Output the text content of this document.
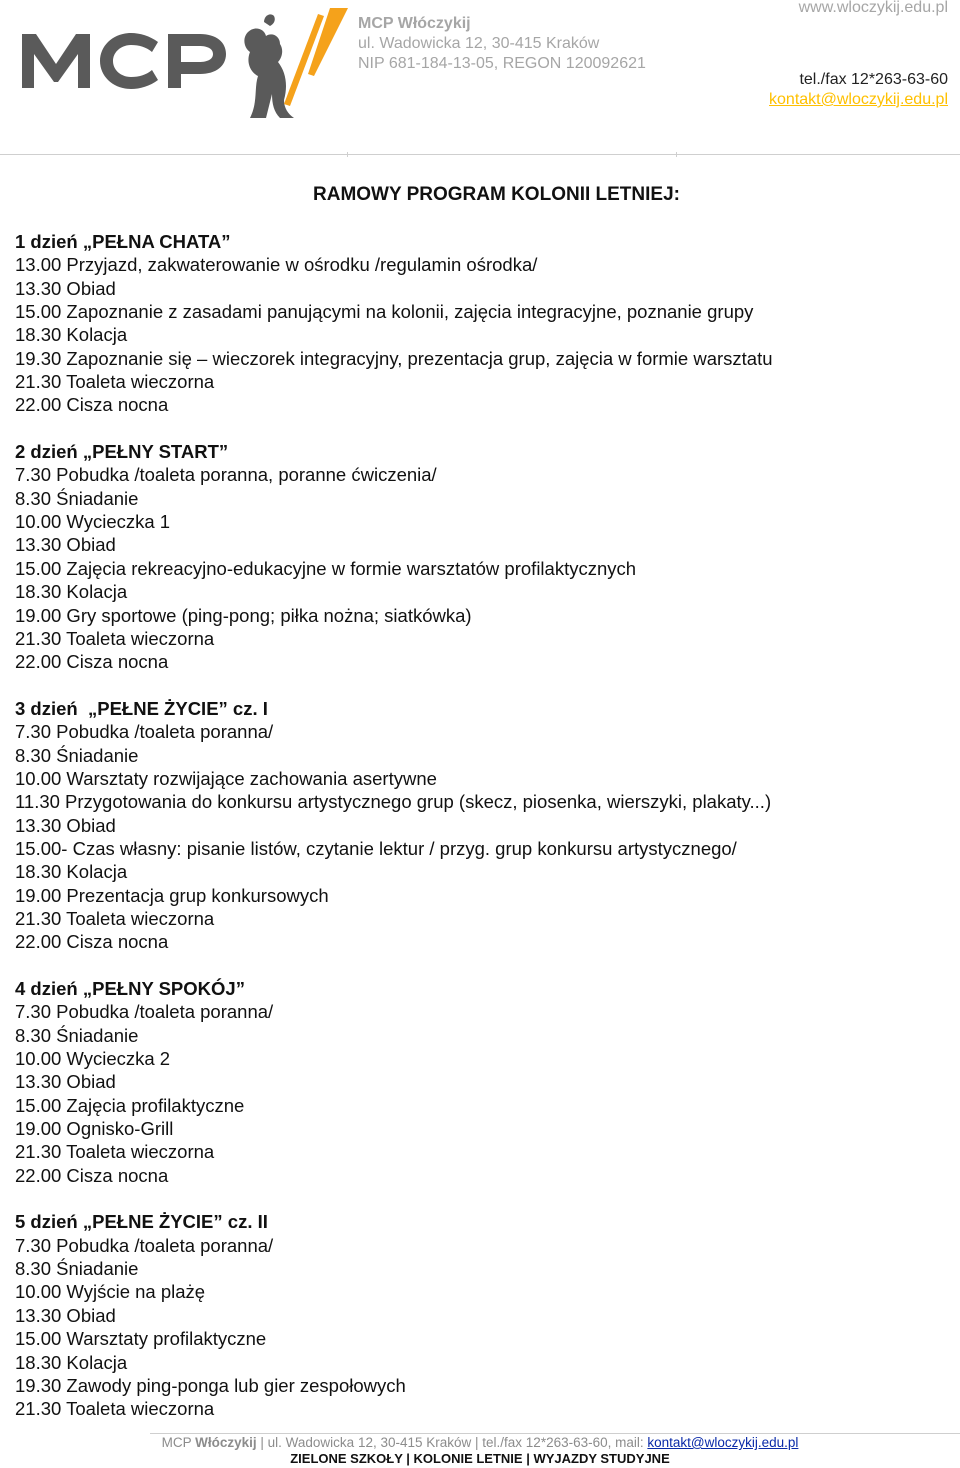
MCP Włóczykij
ul. Wadowicka 12, 30-415 Kraków
NIP 681-184-13-05, REGON 120092621
www.wloczykij.edu.pl
tel./fax 12*263-63-60
kontakt@wloczykij.edu.pl
RAMOWY PROGRAM KOLONII LETNIEJ:
1 dzień „PEŁNA CHATA”
13.00 Przyjazd, zakwaterowanie w ośrodku /regulamin ośrodka/
13.30 Obiad
15.00 Zapoznanie z zasadami panującymi na kolonii, zajęcia integracyjne, poznanie grupy
18.30 Kolacja
19.30 Zapoznanie się – wieczorek integracyjny, prezentacja grup, zajęcia w formie warsztatu
21.30 Toaleta wieczorna
22.00 Cisza nocna
2 dzień „PEŁNY START”
7.30 Pobudka /toaleta poranna, poranne ćwiczenia/
8.30 Śniadanie
10.00 Wycieczka 1
13.30 Obiad
15.00 Zajęcia rekreacyjno-edukacyjne w formie warsztatów profilaktycznych
18.30 Kolacja
19.00 Gry sportowe (ping-pong; piłka nożna; siatkówka)
21.30 Toaleta wieczorna
22.00 Cisza nocna
3 dzień  „PEŁNE ŻYCIE” cz. I
7.30 Pobudka /toaleta poranna/
8.30 Śniadanie
10.00 Warsztaty rozwijające zachowania asertywne
11.30 Przygotowania do konkursu artystycznego grup (skecz, piosenka, wierszyki, plakaty...)
13.30 Obiad
15.00- Czas własny: pisanie listów, czytanie lektur / przyg. grup konkursu artystycznego/
18.30 Kolacja
19.00 Prezentacja grup konkursowych
21.30 Toaleta wieczorna
22.00 Cisza nocna
4 dzień „PEŁNY SPOKÓJ”
7.30 Pobudka /toaleta poranna/
8.30 Śniadanie
10.00 Wycieczka 2
13.30 Obiad
15.00 Zajęcia profilaktyczne
19.00 Ognisko-Grill
21.30 Toaleta wieczorna
22.00 Cisza nocna
5 dzień „PEŁNE ŻYCIE” cz. II
7.30 Pobudka /toaleta poranna/
8.30 Śniadanie
10.00 Wyjście na plażę
13.30 Obiad
15.00 Warsztaty profilaktyczne
18.30 Kolacja
19.30 Zawody ping-ponga lub gier zespołowych
21.30 Toaleta wieczorna
MCP Włóczykij | ul. Wadowicka 12, 30-415 Kraków | tel./fax 12*263-63-60, mail: kontakt@wloczykij.edu.pl
ZIELONE SZKOŁY | KOLONIE LETNIE | WYJAZDY STUDYJNE
